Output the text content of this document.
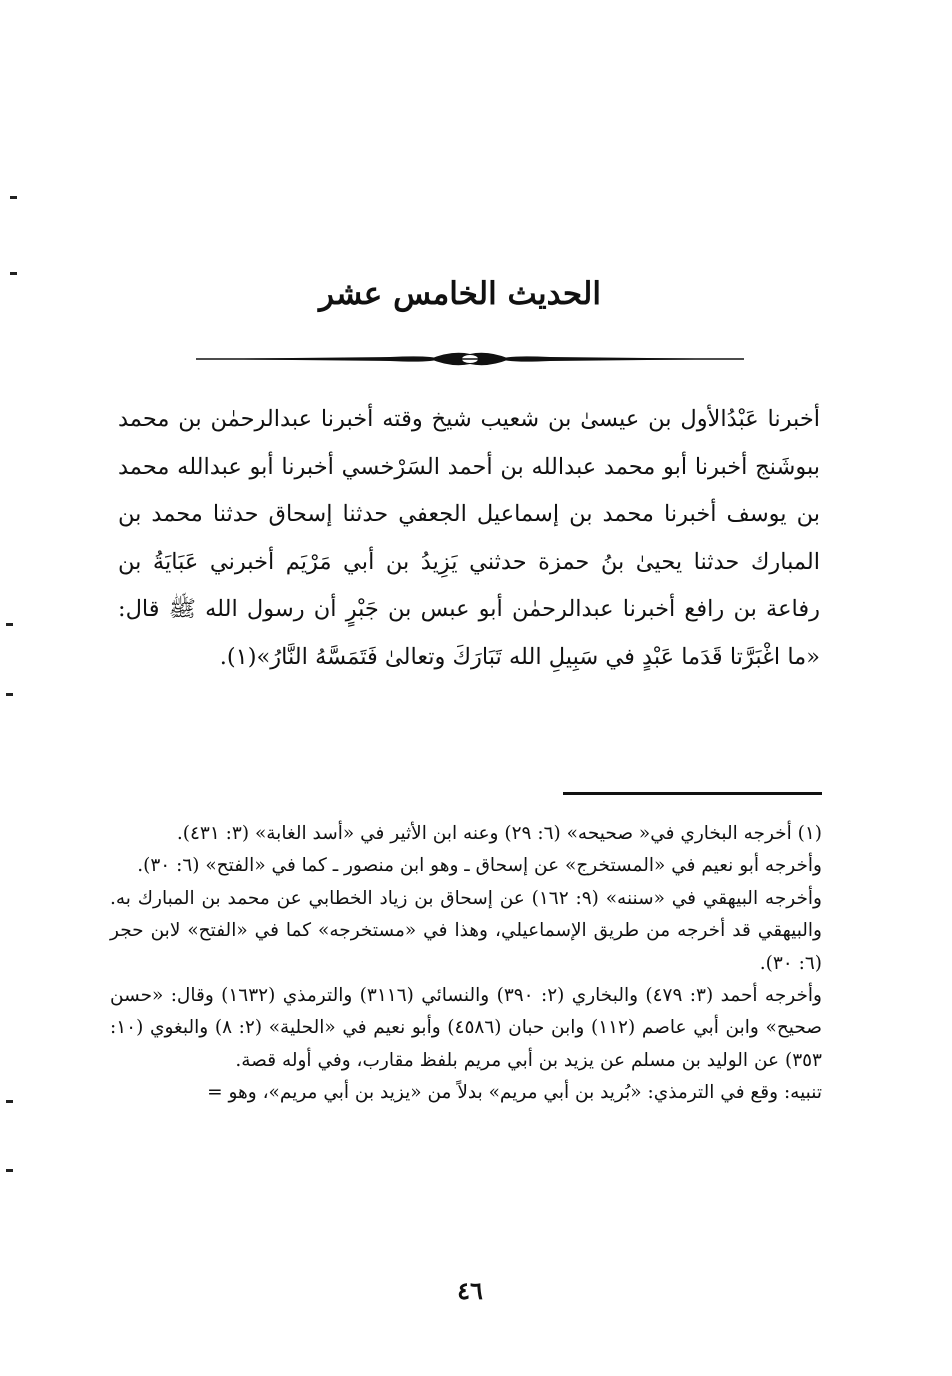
الحديث الخامس عشر

أخبرنا عَبْدُالأول بن عيسىٰ بن شعيب شيخ وقته أخبرنا عبدالرحمٰن بن محمد ببوشَنج أخبرنا أبو محمد عبدالله بن أحمد السَرْخسي أخبرنا أبو عبدالله محمد بن يوسف أخبرنا محمد بن إسماعيل الجعفي حدثنا إسحاق حدثنا محمد بن المبارك حدثنا يحيىٰ بنُ حمزة حدثني يَزِيدُ بن أبي مَرْيَم أخبرني عَبَايَةُ بن رفاعة بن رافع أخبرنا عبدالرحمٰن أبو عبس بن جَبْرٍ أن رسول الله ﷺ قال: «ما اغْبَرَّتا قَدَما عَبْدٍ في سَبِيلِ الله تَبَارَكَ وتعالىٰ فَتَمَسَّهُ النَّارُ»(١).

(١) أخرجه البخاري في« صحيحه» (٦: ٢٩) وعنه ابن الأثير في «أسد الغابة» (٣: ٤٣١).

وأخرجه أبو نعيم في «المستخرج» عن إسحاق ـ وهو ابن منصور ـ كما في «الفتح» (٦: ٣٠).

وأخرجه البيهقي في «سننه» (٩: ١٦٢) عن إسحاق بن زياد الخطابي عن محمد بن المبارك به. والبيهقي قد أخرجه من طريق الإسماعيلي، وهذا في «مستخرجه» كما في «الفتح» لابن حجر (٦: ٣٠).

وأخرجه أحمد (٣: ٤٧٩) والبخاري (٢: ٣٩٠) والنسائي (٣١١٦) والترمذي (١٦٣٢) وقال: «حسن صحيح» وابن أبي عاصم (١١٢) وابن حبان (٤٥٨٦) وأبو نعيم في «الحلية» (٢: ٨) والبغوي (١٠: ٣٥٣) عن الوليد بن مسلم عن يزيد بن أبي مريم بلفظ مقارب، وفي أوله قصة.

تنبيه: وقع في الترمذي: «بُريد بن أبي مريم» بدلاً من «يزيد بن أبي مريم»، وهو =

٤٦
